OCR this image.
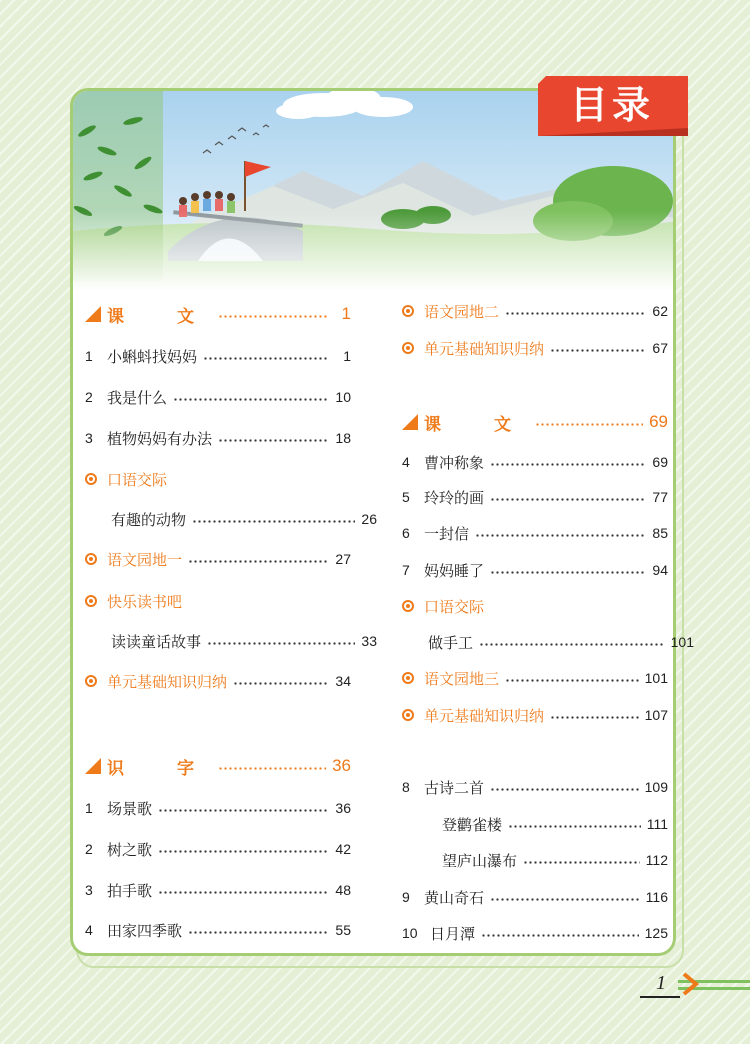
目录
课　文	1
1 小蝌蚪找妈妈	1
2 我是什么	10
3 植物妈妈有办法	18
口语交际
有趣的动物	26
语文园地一	27
快乐读书吧
读读童话故事	33
单元基础知识归纳	34
识　字	36
1 场景歌	36
2 树之歌	42
3 拍手歌	48
4 田家四季歌	55
语文园地二	62
单元基础知识归纳	67
课　文	69
4 曹冲称象	69
5 玲玲的画	77
6 一封信	85
7 妈妈睡了	94
口语交际
做手工	101
语文园地三	101
单元基础知识归纳	107
8 古诗二首	109
登鹳雀楼	111
望庐山瀑布	112
9 黄山奇石	116
10 日月潭	125
1
